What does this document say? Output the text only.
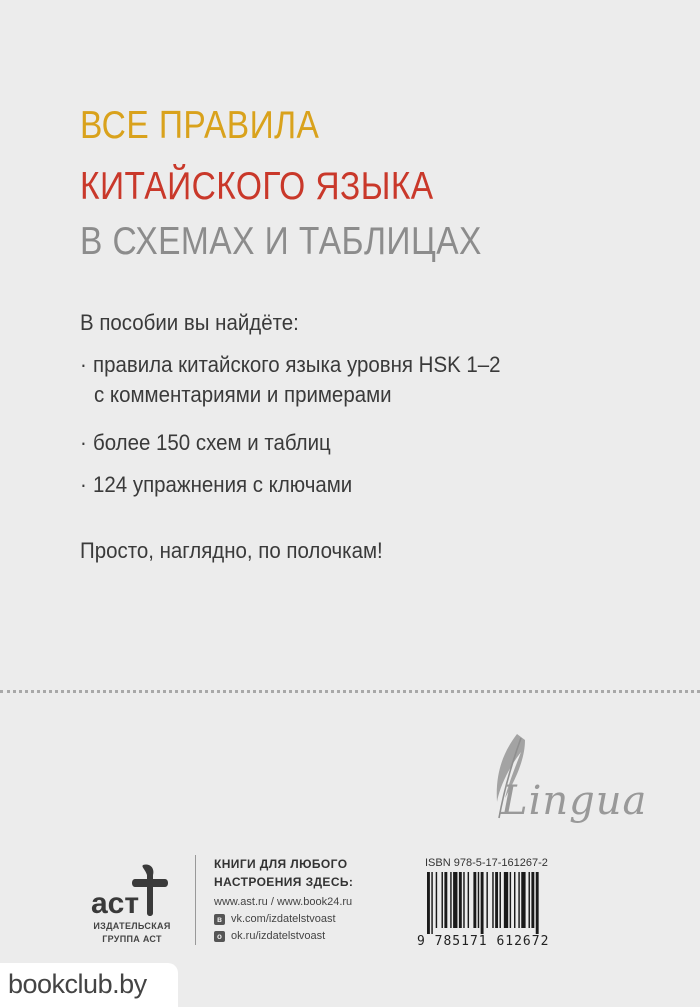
ВСЕ ПРАВИЛА
КИТАЙСКОГО ЯЗЫКА
В СХЕМАХ И ТАБЛИЦАХ

В пособии вы найдёте:

· правила китайского языка уровня HSK 1–2
с комментариями и примерами
· более 150 схем и таблиц
· 124 упражнения с ключами

Просто, наглядно, по полочкам!

Lingua
аст
ИЗДАТЕЛЬСКАЯ
ГРУППА АСТ
КНИГИ ДЛЯ ЛЮБОГО
НАСТРОЕНИЯ ЗДЕСЬ:
www.ast.ru / www.book24.ru
в vk.com/izdatelstvoast
о ok.ru/izdatelstvoast
ISBN 978-5-17-161267-2
9 785171 612672
bookclub.by
